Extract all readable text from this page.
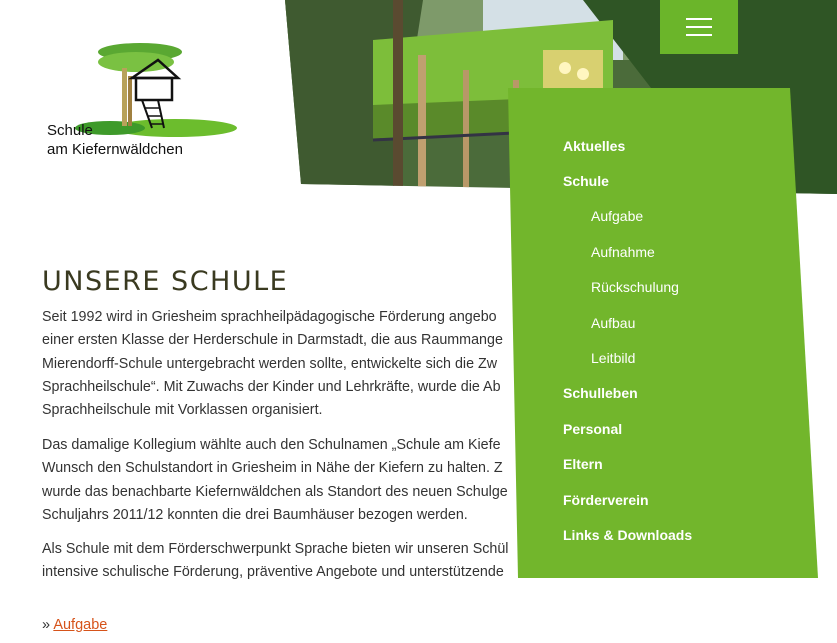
Schule
am Kiefernwäldchen	Aktuelles
Schule
Aufgabe
Aufnahme
Rückschulung
Aufbau
Leitbild
Schulleben
Personal
Eltern
Förderverein
Links & Downloads
UNSERE SCHULE

Seit 1992 wird in Griesheim sprachheilpädagogische Förderung angebo
einer ersten Klasse der Herderschule in Darmstadt, die aus Raummange
Mierendorff-Schule untergebracht werden sollte, entwickelte sich die Zw
Sprachheilschule“. Mit Zuwachs der Kinder und Lehrkräfte, wurde die Ab
Sprachheilschule mit Vorklassen organisiert.

Das damalige Kollegium wählte auch den Schulnamen „Schule am Kiefe
Wunsch den Schulstandort in Griesheim in Nähe der Kiefern zu halten. Z
wurde das benachbarte Kiefernwäldchen als Standort des neuen Schulge
Schuljahrs 2011/12 konnten die drei Baumhäuser bezogen werden.

Als Schule mit dem Förderschwerpunkt Sprache bieten wir unseren Schül
intensive schulische Förderung, präventive Angebote und unterstützende

» Aufgabe
